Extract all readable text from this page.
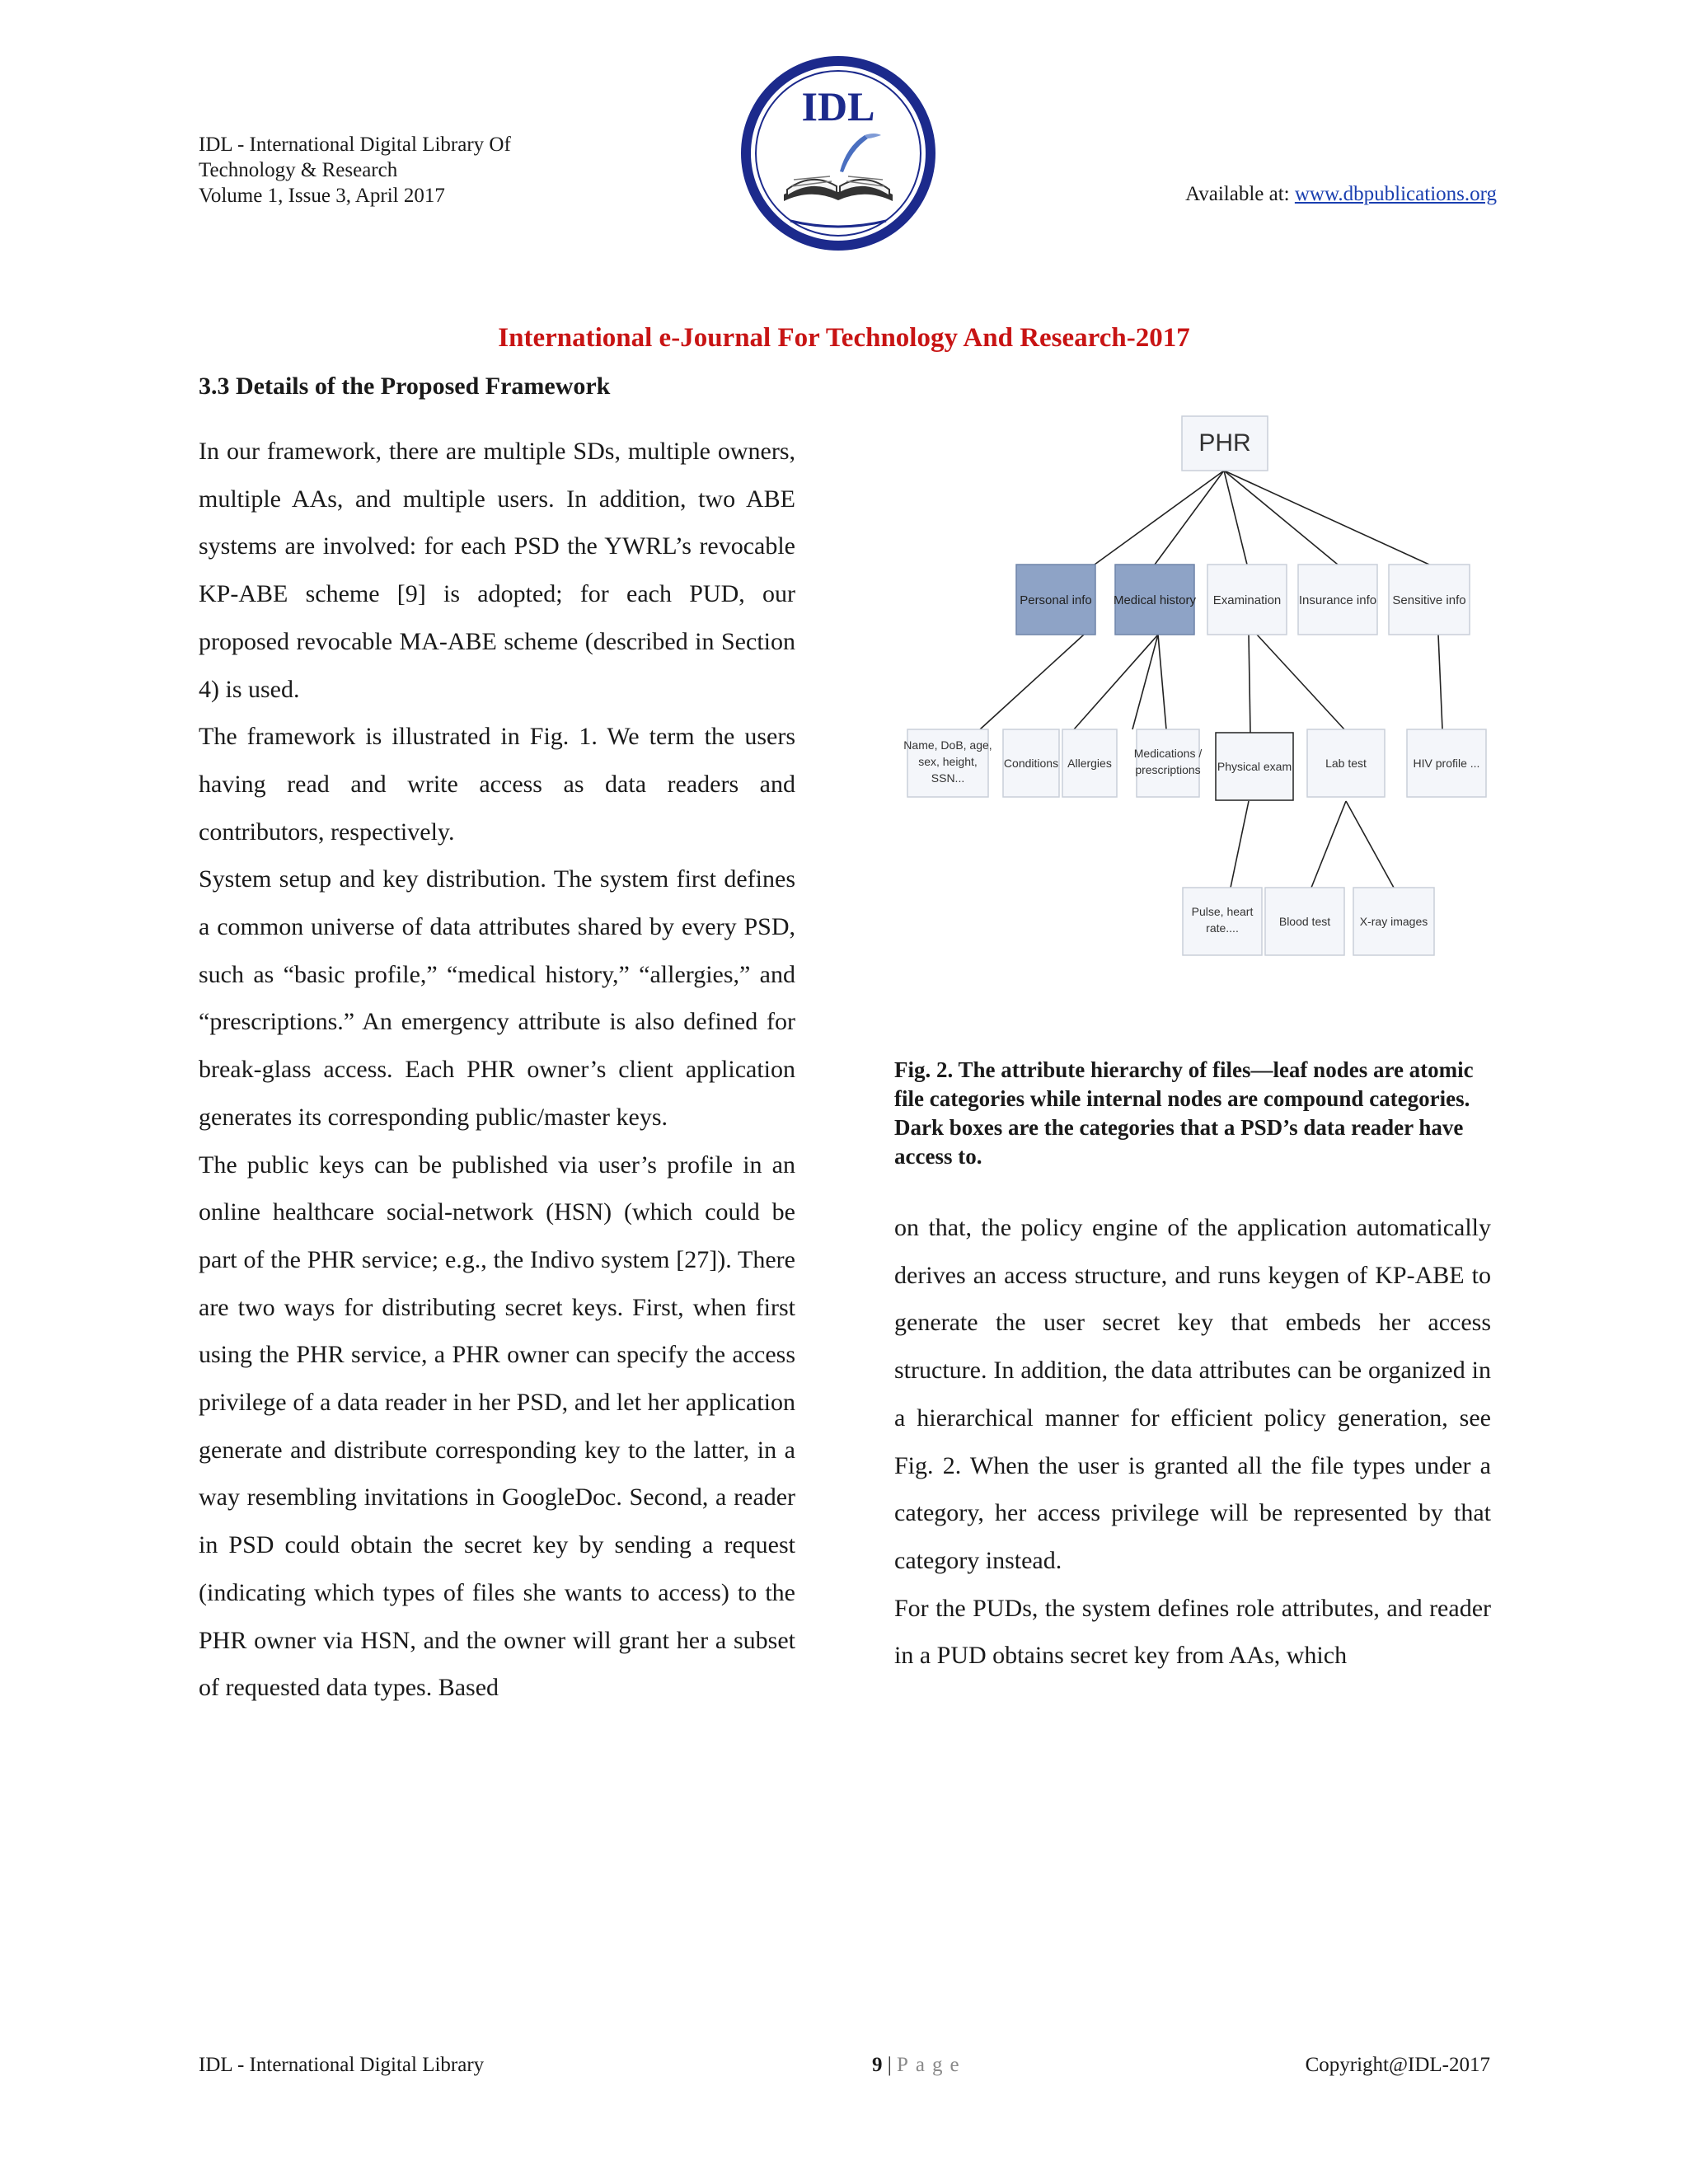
IDL - International Digital Library Of
Technology & Research
Volume 1, Issue 3, April 2017
IDL
Available at: www.dbpublications.org
International e-Journal For Technology And Research-2017
3.3 Details of the Proposed Framework

In our framework, there are multiple SDs, multiple owners, multiple AAs, and multiple users. In addition, two ABE systems are involved: for each PSD the YWRL’s revocable KP-ABE scheme [9] is adopted; for each PUD, our proposed revocable MA-ABE scheme (described in Section 4) is used.

The framework is illustrated in Fig. 1. We term the users having read and write access as data readers and contributors, respectively.

System setup and key distribution. The system first defines a common universe of data attributes shared by every PSD, such as “basic profile,” “medical history,” “allergies,” and “prescriptions.” An emergency attribute is also defined for break-glass access. Each PHR owner’s client application generates its corresponding public/master keys.

The public keys can be published via user’s profile in an online healthcare social-network (HSN) (which could be part of the PHR service; e.g., the Indivo system [27]). There are two ways for distributing secret keys. First, when first using the PHR service, a PHR owner can specify the access privilege of a data reader in her PSD, and let her application generate and distribute corresponding key to the latter, in a way resembling invitations in GoogleDoc. Second, a reader in PSD could obtain the secret key by sending a request (indicating which types of files she wants to access) to the PHR owner via HSN, and the owner will grant her a subset of requested data types. Based

PHR
Personal info Medical history Examination Insurance info Sensitive info
Name, DoB, age,
sex, height,
SSN...
Conditions Allergies
Medications /
prescriptions Physical exam	Lab test	HIV profile ...
Pulse, heart
rate....	Blood test	X-ray images
Fig. 2. The attribute hierarchy of files—leaf nodes are atomic file categories while internal nodes are compound categories. Dark boxes are the categories that a PSD’s data reader have access to.

on that, the policy engine of the application automatically derives an access structure, and runs keygen of KP-ABE to generate the user secret key that embeds her access structure. In addition, the data attributes can be organized in a hierarchical manner for efficient policy generation, see Fig. 2. When the user is granted all the file types under a category, her access privilege will be represented by that category instead.

For the PUDs, the system defines role attributes, and reader in a PUD obtains secret key from AAs, which

IDL - International Digital Library	9 | Page	Copyright@IDL-2017
